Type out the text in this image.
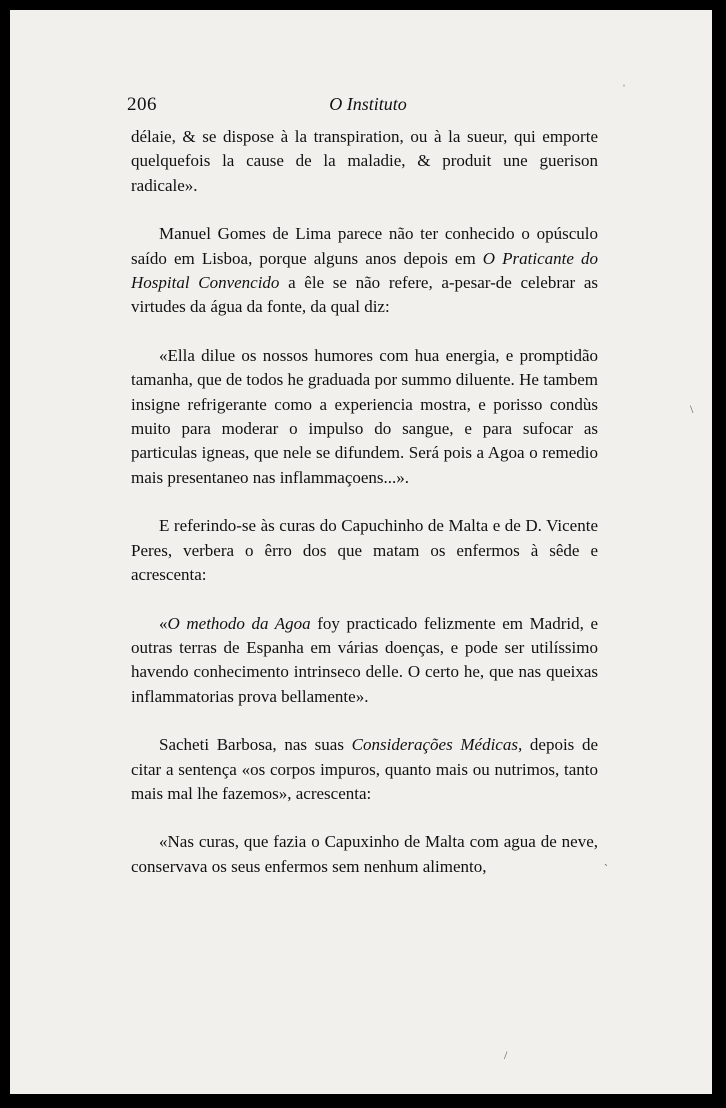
ˈ
\
˴
/
206	O Instituto

délaie, & se dispose à la transpiration, ou à la sueur, qui emporte quelquefois la cause de la maladie, & produit une guerison radicale».

Manuel Gomes de Lima parece não ter conhecido o opúsculo saído em Lisboa, porque alguns anos depois em O Praticante do Hospital Convencido a êle se não refere, a-pesar-de celebrar as virtudes da água da fonte, da qual diz:

«Ella dilue os nossos humores com hua energia, e promptidão tamanha, que de todos he graduada por summo diluente. He tambem insigne refrigerante como a experiencia mostra, e porisso condùs muito para moderar o impulso do sangue, e para sufocar as particulas igneas, que nele se difundem. Será pois a Agoa o remedio mais presentaneo nas inflammaçoens...».

E referindo-se às curas do Capuchinho de Malta e de D. Vicente Peres, verbera o êrro dos que matam os enfermos à sêde e acrescenta:

«O methodo da Agoa foy practicado felizmente em Madrid, e outras terras de Espanha em várias doenças, e pode ser utilíssimo havendo conhecimento intrinseco delle. O certo he, que nas queixas inflammatorias prova bellamente».

Sacheti Barbosa, nas suas Considerações Médicas, depois de citar a sentença «os corpos impuros, quanto mais ou nutrimos, tanto mais mal lhe fazemos», acrescenta:

«Nas curas, que fazia o Capuxinho de Malta com agua de neve, conservava os seus enfermos sem nenhum alimento,
